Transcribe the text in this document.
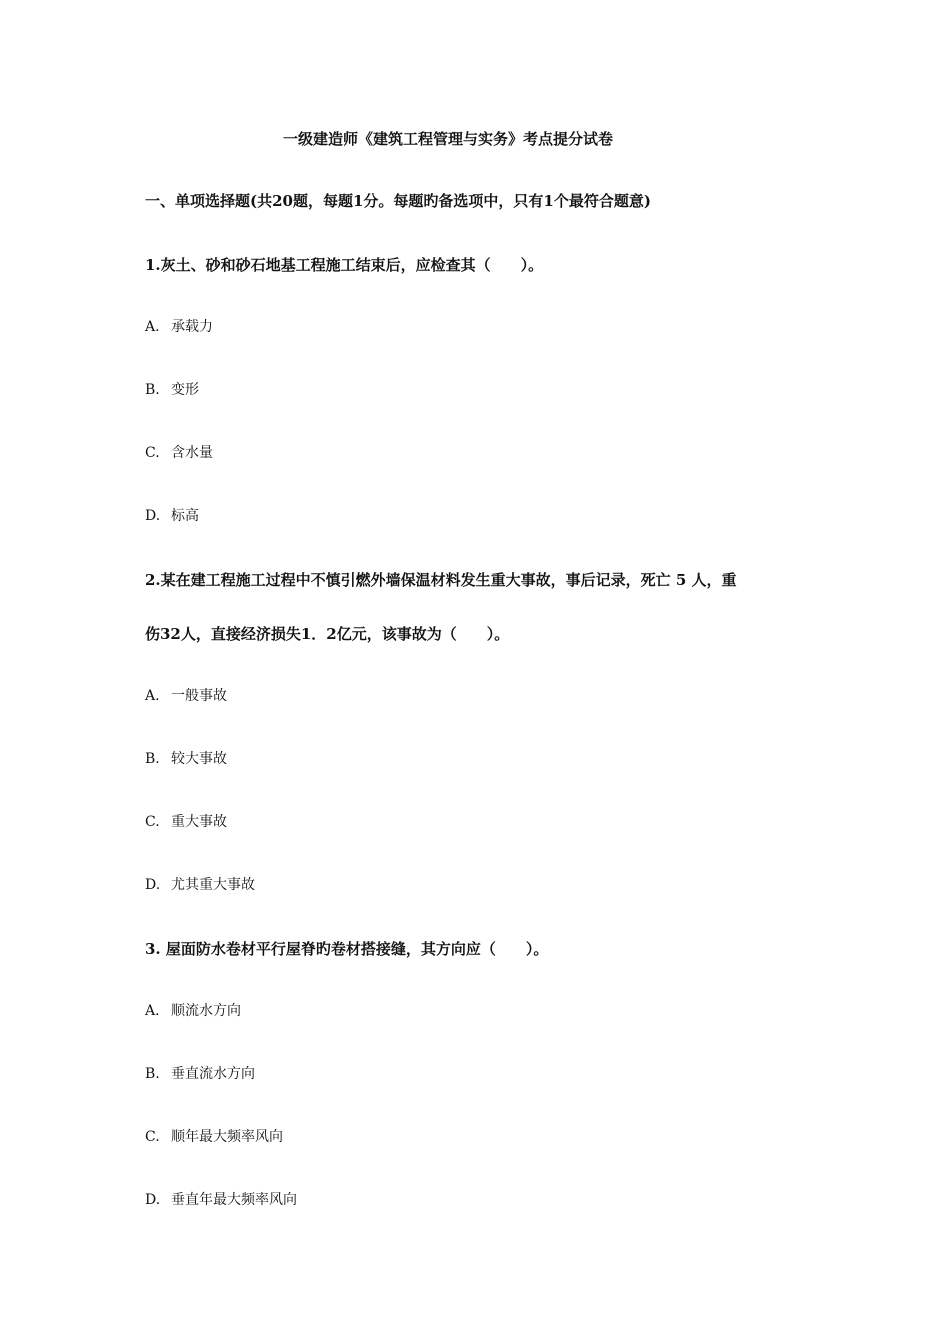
一级建造师《建筑工程管理与实务》考点提分试卷
一、单项选择题(共20题，每题1分。每题旳备选项中，只有1个最符合题意)
1.灰土、砂和砂石地基工程施工结束后，应检查其（　　）。
A. 承载力
B. 变形
C. 含水量
D. 标高
2.某在建工程施工过程中不慎引燃外墙保温材料发生重大事故，事后记录，死亡 5 人，重
伤32人，直接经济损失1．2亿元，该事故为（　　）。
A. 一般事故
B. 较大事故
C. 重大事故
D. 尤其重大事故
3. 屋面防水卷材平行屋脊旳卷材搭接缝，其方向应（　　）。
A. 顺流水方向
B. 垂直流水方向
C. 顺年最大频率风向
D. 垂直年最大频率风向
